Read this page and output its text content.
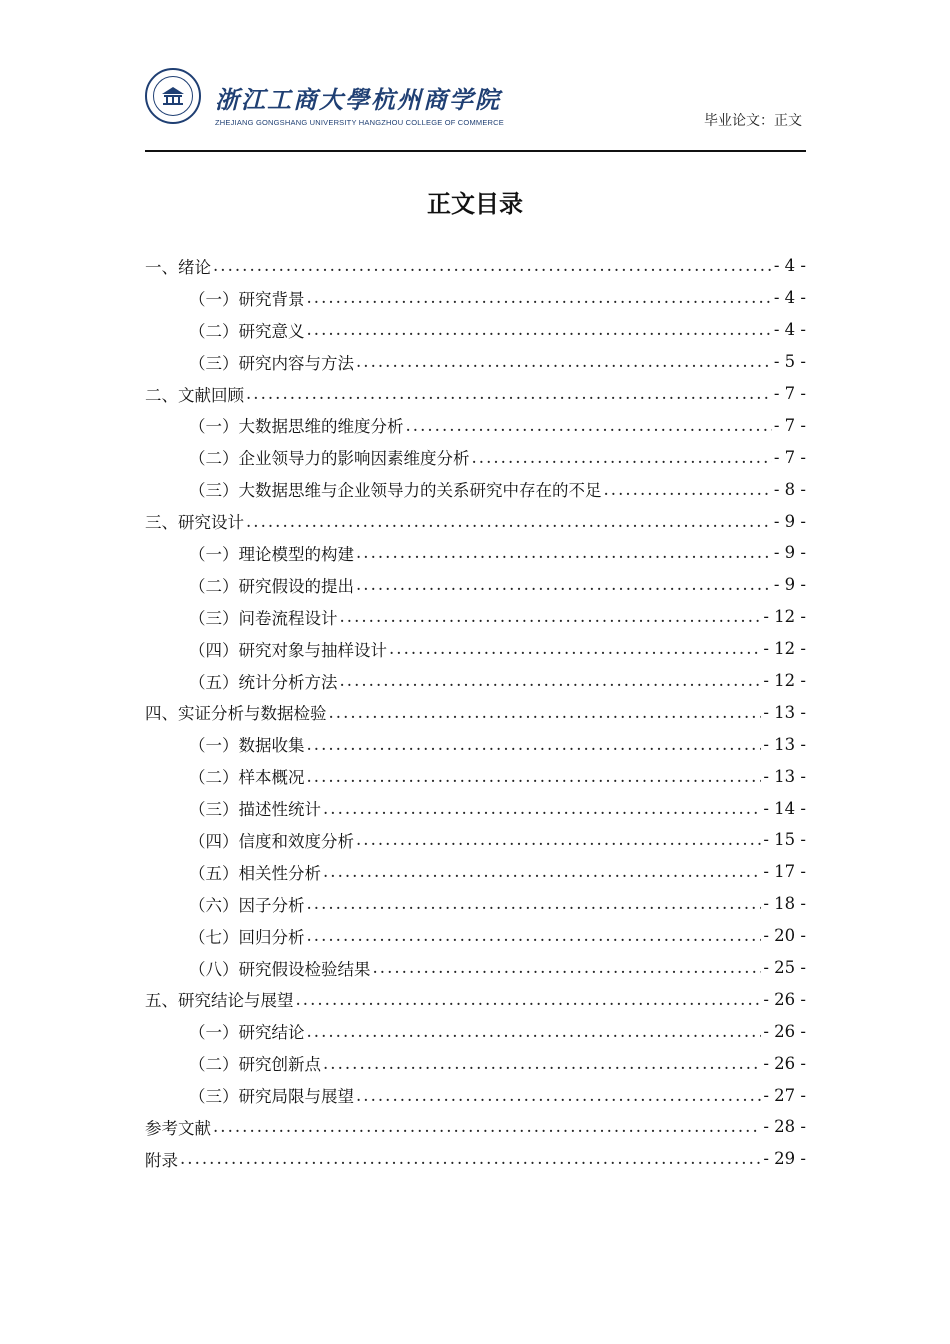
浙江工商大學杭州商学院
ZHEJIANG GONGSHANG UNIVERSITY HANGZHOU COLLEGE OF COMMERCE	毕业论文：正文
正文目录
一、绪论 . . .	- 4 -
（一）研究背景 . . .	- 4 -
（二）研究意义 . . .	- 4 -
（三）研究内容与方法 . . .	- 5 -
二、文献回顾 . . .	- 7 -
（一）大数据思维的维度分析 . . .	- 7 -
（二）企业领导力的影响因素维度分析 . . .	- 7 -
（三）大数据思维与企业领导力的关系研究中存在的不足 . . .	- 8 -
三、研究设计 . . .	- 9 -
（一）理论模型的构建 . . .	- 9 -
（二）研究假设的提出 . . .	- 9 -
（三）问卷流程设计 . . .	- 12 -
（四）研究对象与抽样设计 . . .	- 12 -
（五）统计分析方法 . . .	- 12 -
四、实证分析与数据检验 . . .	- 13 -
（一）数据收集 . . .	- 13 -
（二）样本概况 . . .	- 13 -
（三）描述性统计 . . .	- 14 -
（四）信度和效度分析 . . .	- 15 -
（五）相关性分析 . . .	- 17 -
（六）因子分析 . . .	- 18 -
（七）回归分析 . . .	- 20 -
（八）研究假设检验结果 . . .	- 25 -
五、研究结论与展望 . . .	- 26 -
（一）研究结论 . . .	- 26 -
（二）研究创新点 . . .	- 26 -
（三）研究局限与展望 . . .	- 27 -
参考文献 . . .	- 28 -
附录 . . .	- 29 -
